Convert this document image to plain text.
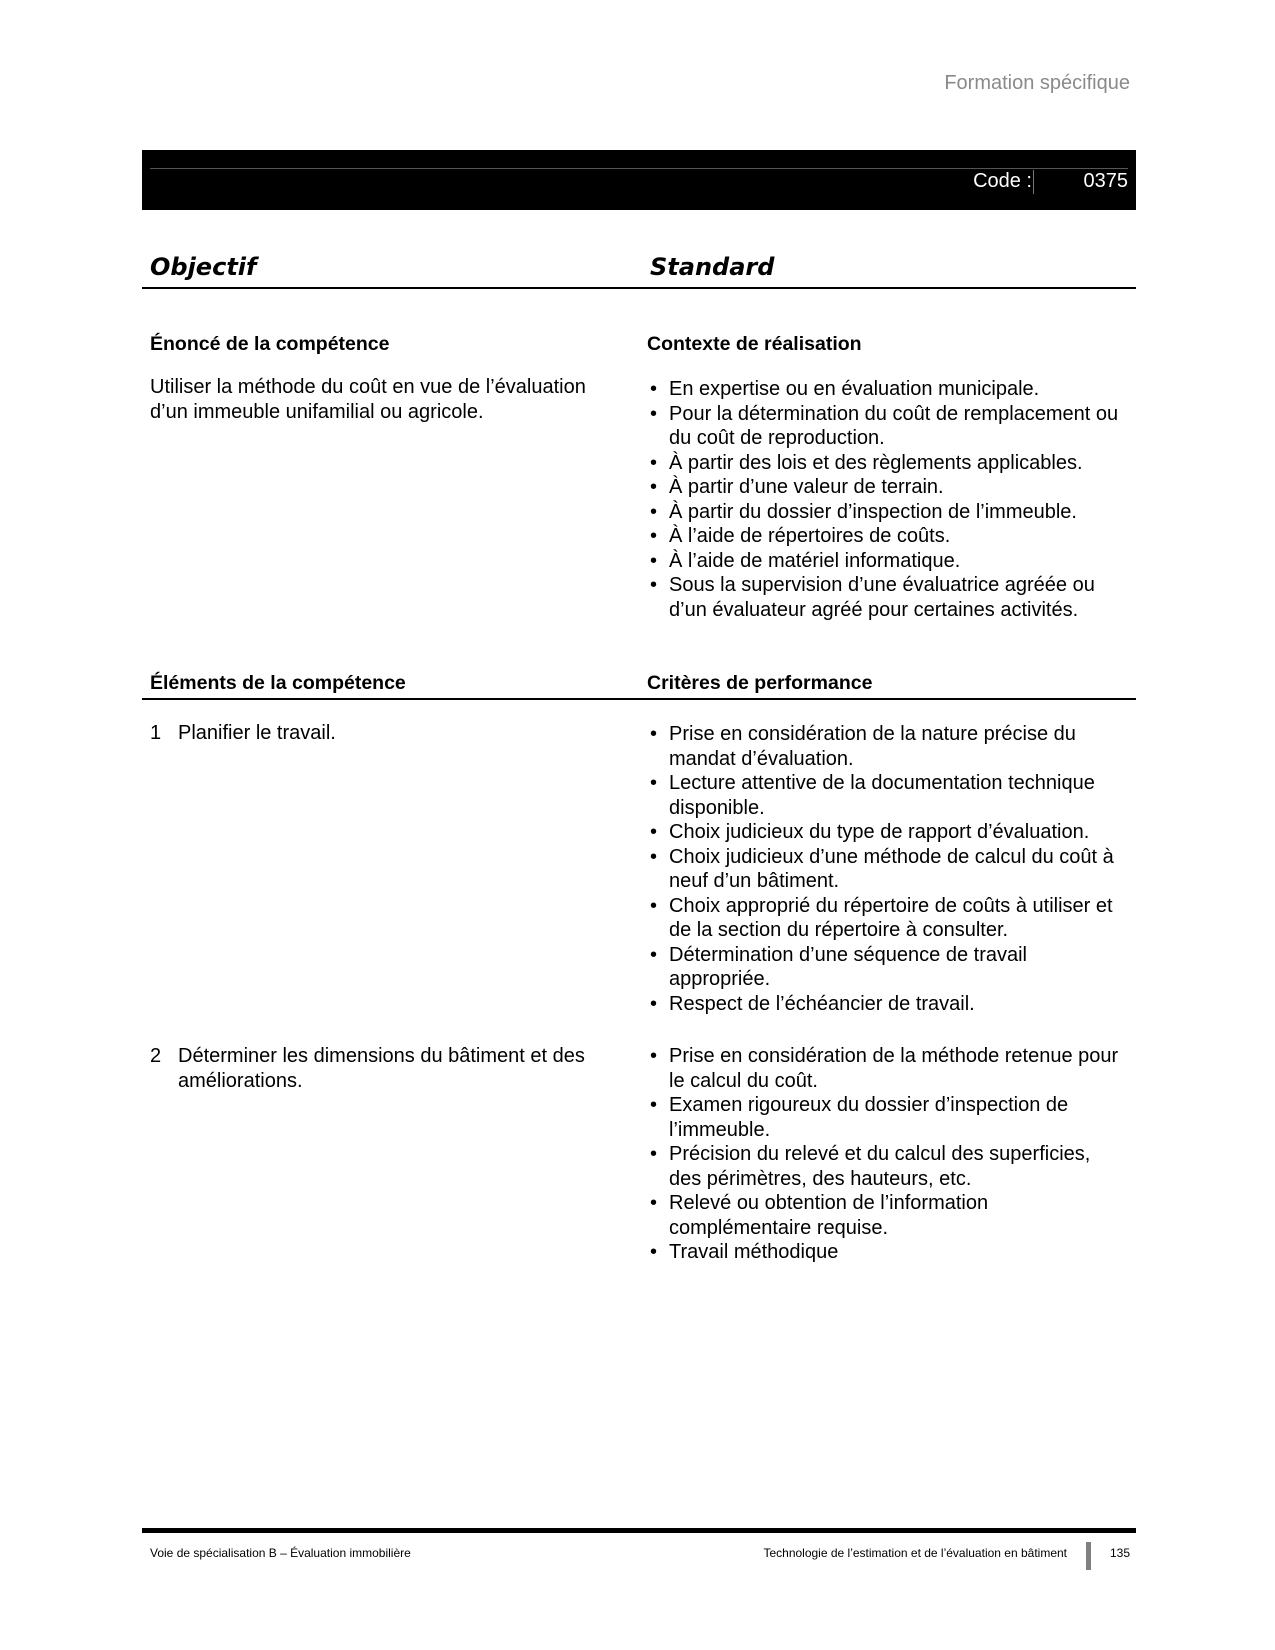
Formation spécifique
Code :	0375
Objectif	Standard
Énoncé de la compétence
Utiliser la méthode du coût en vue de l’évaluation d’un immeuble unifamilial ou agricole.
Contexte de réalisation
• En expertise ou en évaluation municipale.
• Pour la détermination du coût de remplacement ou du coût de reproduction.
• À partir des lois et des règlements applicables.
• À partir d’une valeur de terrain.
• À partir du dossier d’inspection de l’immeuble.
• À l’aide de répertoires de coûts.
• À l’aide de matériel informatique.
• Sous la supervision d’une évaluatrice agréée ou d’un évaluateur agréé pour certaines activités.
Éléments de la compétence	Critères de performance
1 Planifier le travail.
•	Prise en considération de la nature précise du mandat d’évaluation.
• Lecture attentive de la documentation technique disponible.
• Choix judicieux du type de rapport d’évaluation.
• Choix judicieux d’une méthode de calcul du coût à neuf d’un bâtiment.
• Choix approprié du répertoire de coûts à utiliser et de la section du répertoire à consulter.
• Détermination d’une séquence de travail appropriée.
• Respect de l’échéancier de travail.
2 Déterminer les dimensions du bâtiment et des améliorations.
• Prise en considération de la méthode retenue pour le calcul du coût.
• Examen rigoureux du dossier d’inspection de l’immeuble.
• Précision du relevé et du calcul des superficies, des périmètres, des hauteurs, etc.
• Relevé ou obtention de l’information complémentaire requise.
• Travail méthodique
Voie de spécialisation B – Évaluation immobilière	Technologie de l’estimation et de l’évaluation en bâtiment	135
